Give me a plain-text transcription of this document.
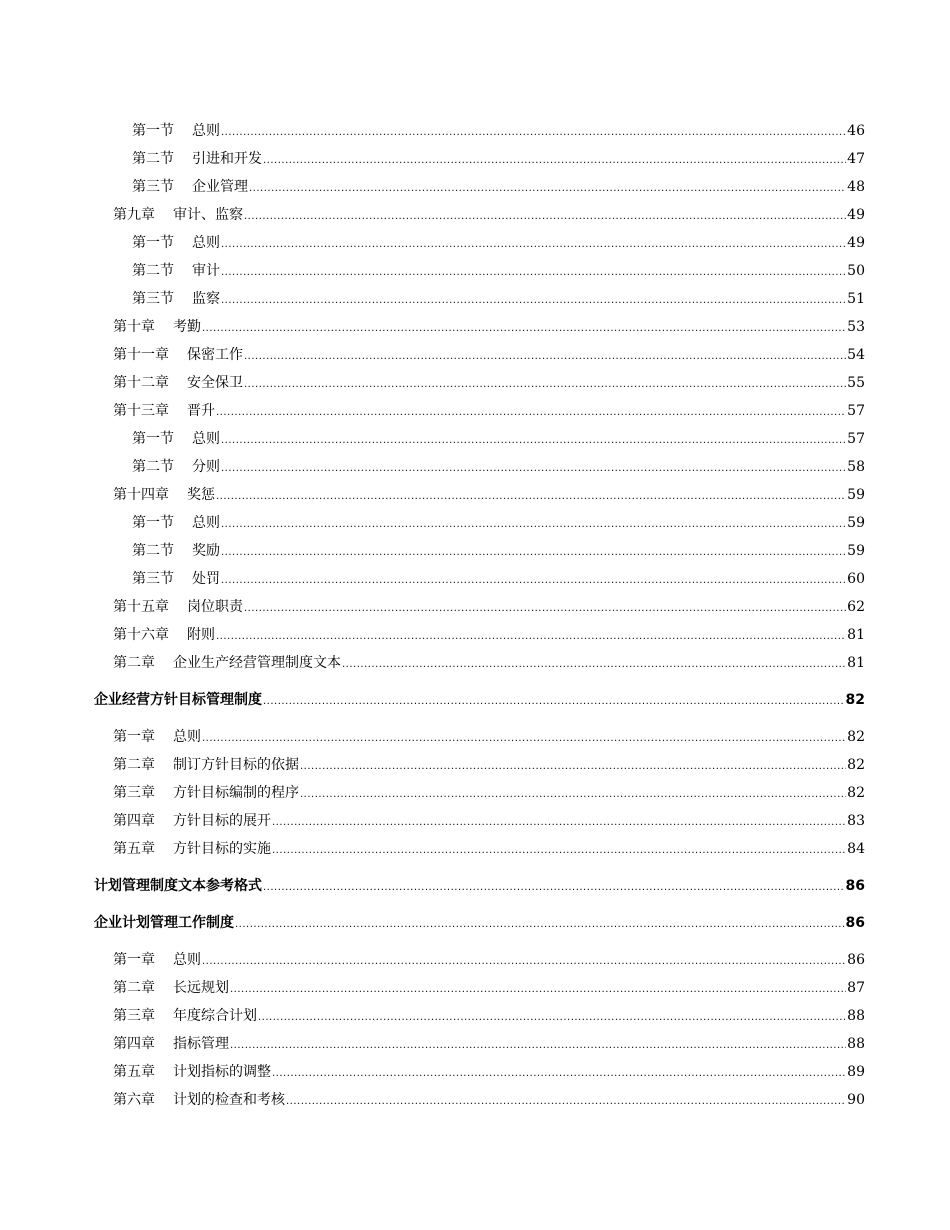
第一节 总则 .....	46
第二节 引进和开发 .....	47
第三节 企业管理 .....	48
第九章 审计、监察 .....	49
第一节 总则 .....	49
第二节 审计 .....	50
第三节 监察 .....	51
第十章 考勤 .....	53
第十一章 保密工作 .....	54
第十二章 安全保卫 .....	55
第十三章 晋升 .....	57
第一节 总则 .....	57
第二节 分则 .....	58
第十四章 奖惩 .....	59
第一节 总则 .....	59
第二节 奖励 .....	59
第三节 处罚 .....	60
第十五章 岗位职责 .....	62
第十六章 附则 .....	81
第二章 企业生产经营管理制度文本 .....	81
企业经营方针目标管理制度 .....	82
第一章 总则 .....	82
第二章 制订方针目标的依据 .....	82
第三章 方针目标编制的程序 .....	82
第四章 方针目标的展开 .....	83
第五章 方针目标的实施 .....	84
计划管理制度文本参考格式 .....	86
企业计划管理工作制度 .....	86
第一章 总则 .....	86
第二章 长远规划 .....	87
第三章 年度综合计划 .....	88
第四章 指标管理 .....	88
第五章 计划指标的调整 .....	89
第六章 计划的检查和考核 .....	90
